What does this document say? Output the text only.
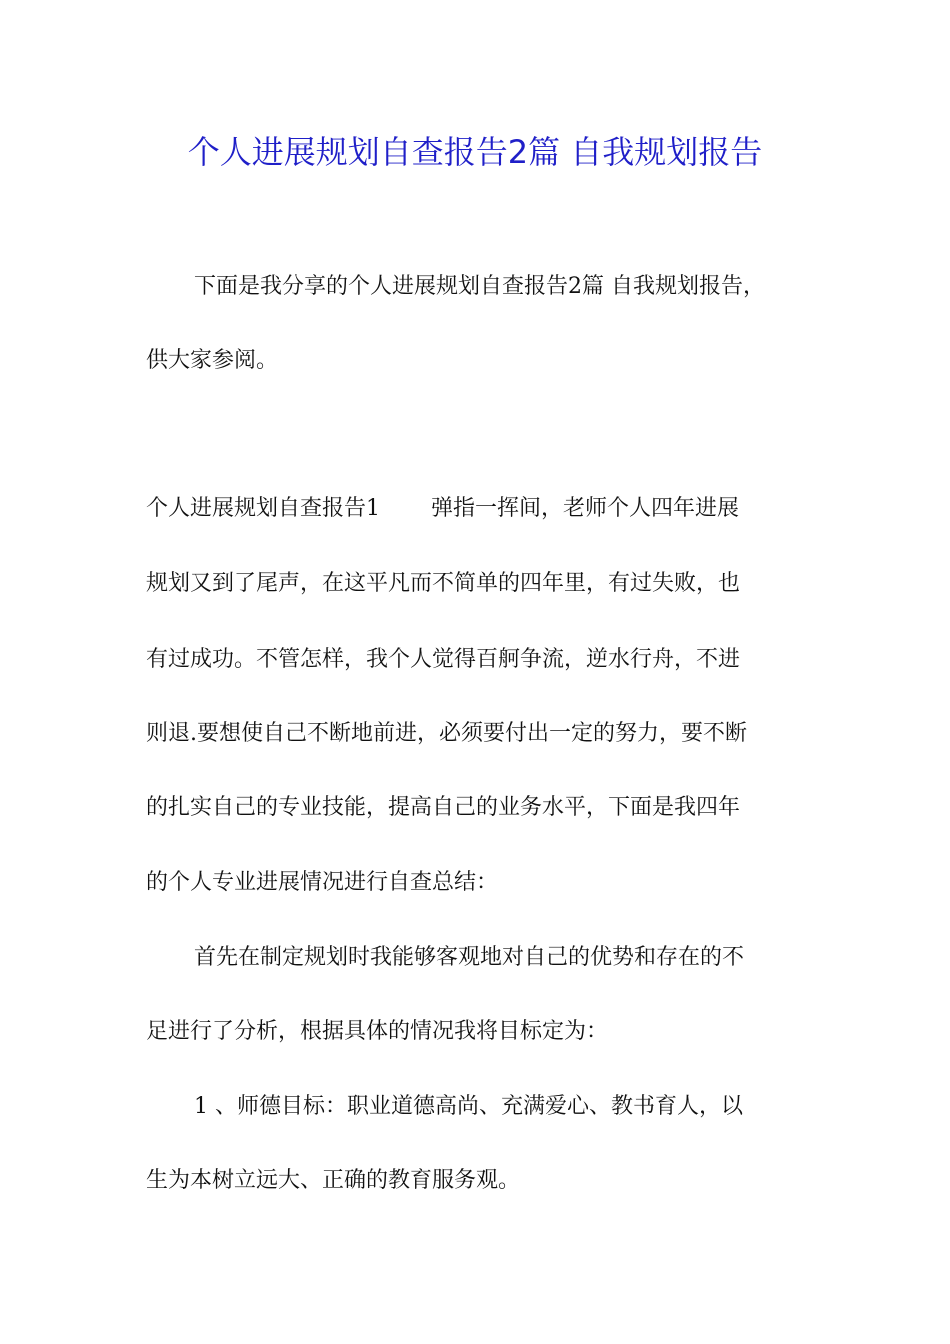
个人进展规划自查报告2篇 自我规划报告
下面是我分享的个人进展规划自查报告2篇 自我规划报告，
供大家参阅。
个人进展规划自查报告1　　 弹指一挥间，老师个人四年进展
规划又到了尾声，在这平凡而不简单的四年里，有过失败，也
有过成功。不管怎样，我个人觉得百舸争流，逆水行舟，不进
则退.要想使自己不断地前进，必须要付出一定的努力，要不断
的扎实自己的专业技能，提高自己的业务水平，下面是我四年
的个人专业进展情况进行自查总结：
首先在制定规划时我能够客观地对自己的优势和存在的不
足进行了分析，根据具体的情况我将目标定为：
1 、师德目标：职业道德高尚、充满爱心、教书育人，以
生为本树立远大、正确的教育服务观。
